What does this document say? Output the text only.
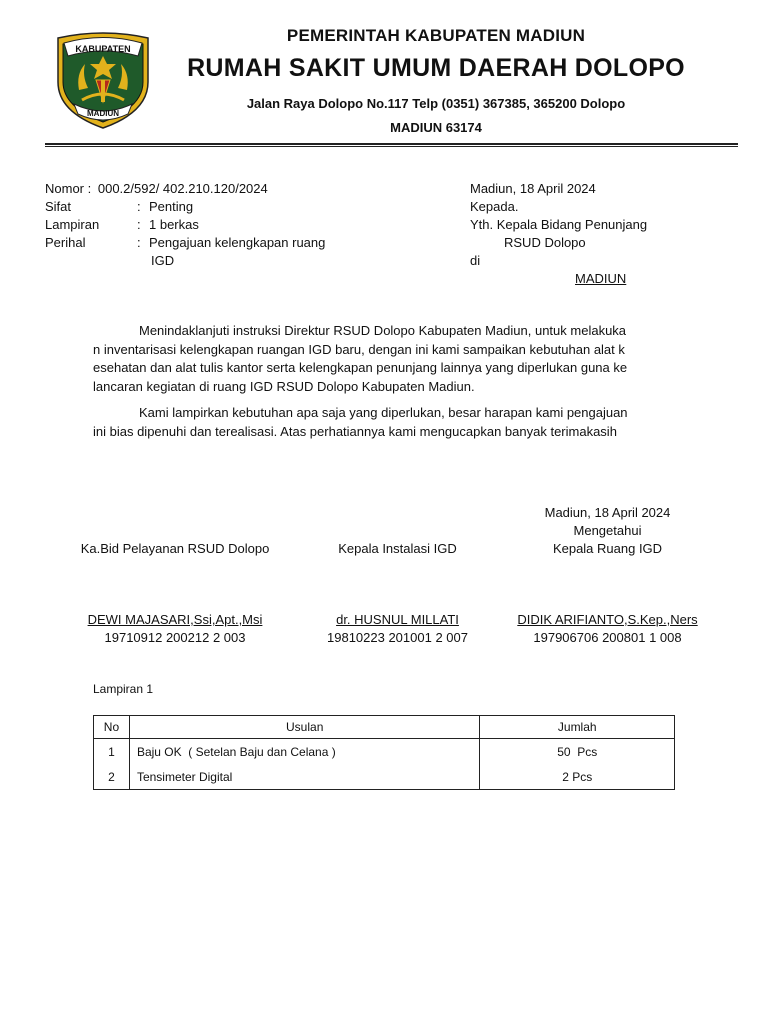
KABUPATEN
MADIUN
PEMERINTAH KABUPATEN MADIUN
RUMAH SAKIT UMUM DAERAH DOLOPO
Jalan Raya Dolopo No.117 Telp (0351) 367385, 365200 Dolopo
MADIUN 63174
Nomor : 000.2/592/ 402.210.120/2024
Sifat	: Penting
Lampiran	: 1 berkas
Perihal	: Pengajuan kelengkapan ruang
IGD
Madiun, 18 April 2024
Kepada.
Yth. Kepala Bidang Penunjang
RSUD Dolopo
di
MADIUN

Menindaklanjuti instruksi Direktur RSUD Dolopo Kabupaten Madiun, untuk melakuka
n inventarisasi kelengkapan ruangan IGD baru, dengan ini kami sampaikan kebutuhan alat k
esehatan dan alat tulis kantor serta kelengkapan penunjang lainnya yang diperlukan guna ke
lancaran kegiatan di ruang IGD RSUD Dolopo Kabupaten Madiun.

Kami lampirkan kebutuhan apa saja yang diperlukan, besar harapan kami pengajuan
ini bias dipenuhi dan terealisasi. Atas perhatiannya kami mengucapkan banyak terimakasih

Madiun, 18 April 2024
Mengetahui
Ka.Bid Pelayanan RSUD Dolopo	Kepala Instalasi IGD	Kepala Ruang IGD
DEWI MAJASARI,Ssi,Apt.,Msi	dr. HUSNUL MILLATI	DIDIK ARIFIANTO,S.Kep.,Ners
19710912 200212 2 003	19810223 201001 2 007	197906706 200801 1 008
Lampiran 1
No	Usulan	Jumlah
1	Baju OK  ( Setelan Baju dan Celana )	50  Pcs
2	Tensimeter Digital	2 Pcs
